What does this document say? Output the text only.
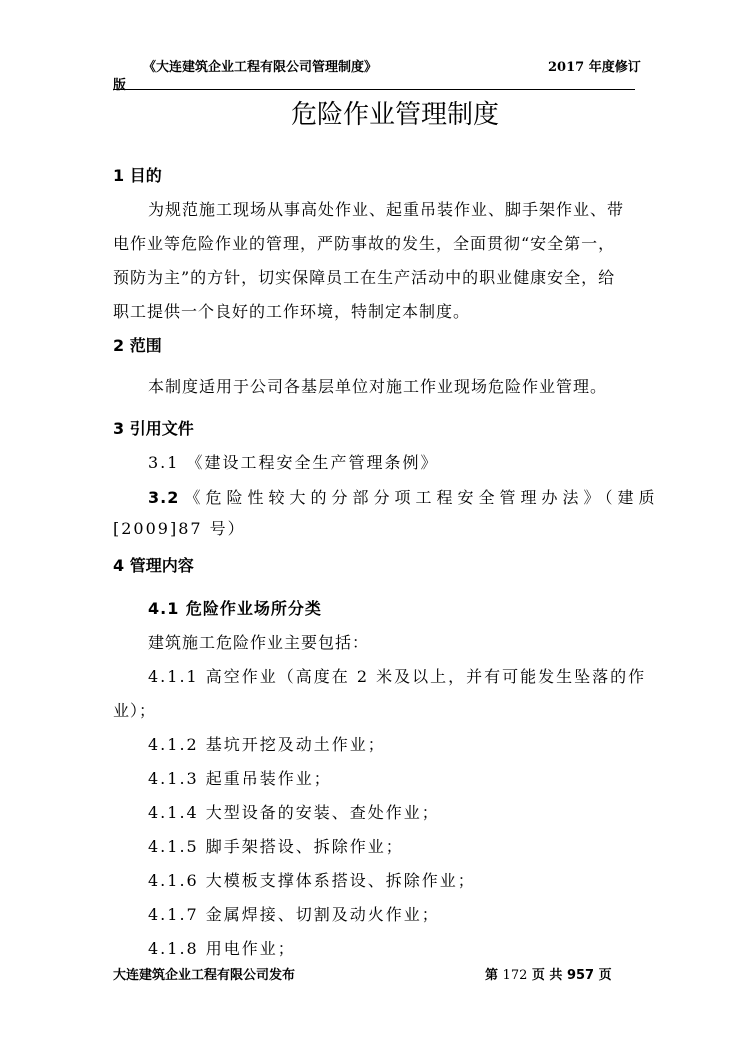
《大连建筑企业工程有限公司管理制度》	2017 年度修订
版
危险作业管理制度
1 目的
为规范施工现场从事高处作业、起重吊装作业、脚手架作业、带
电作业等危险作业的管理，严防事故的发生，全面贯彻“安全第一，
预防为主”的方针，切实保障员工在生产活动中的职业健康安全，给
职工提供一个良好的工作环境，特制定本制度。
2 范围
本制度适用于公司各基层单位对施工作业现场危险作业管理。
3 引用文件
3.1 《建设工程安全生产管理条例》
3.2 《危险性较大的分部分项工程安全管理办法》（建质
[2009]87 号）
4 管理内容
4.1 危险作业场所分类
建筑施工危险作业主要包括：
4.1.1 高空作业（高度在 2 米及以上，并有可能发生坠落的作
业）；
4.1.2 基坑开挖及动土作业；
4.1.3 起重吊装作业；
4.1.4 大型设备的安装、查处作业；
4.1.5 脚手架搭设、拆除作业；
4.1.6 大模板支撑体系搭设、拆除作业；
4.1.7 金属焊接、切割及动火作业；
4.1.8 用电作业；
大连建筑企业工程有限公司发布	第 172 页 共 957 页
